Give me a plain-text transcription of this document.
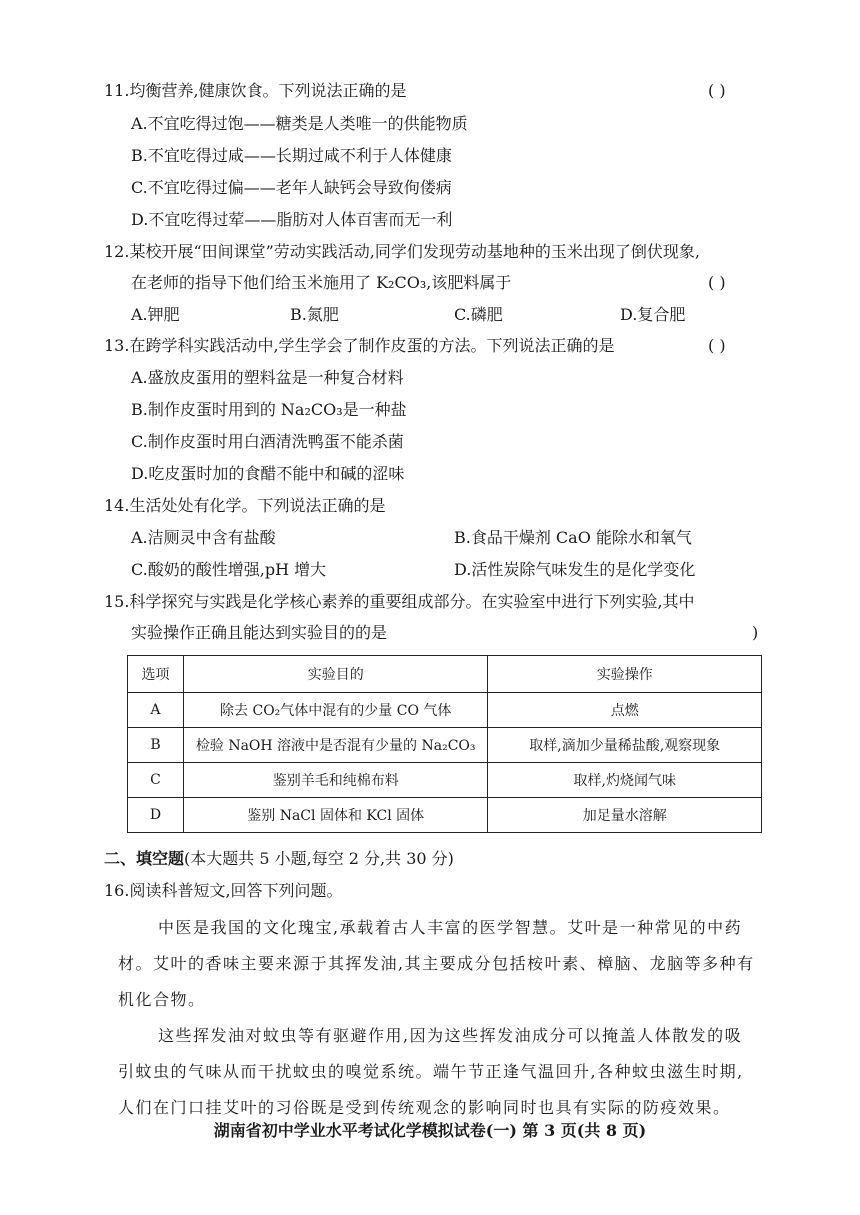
11.均衡营养,健康饮食。下列说法正确的是	( )
A.不宜吃得过饱——糖类是人类唯一的供能物质
B.不宜吃得过咸——长期过咸不利于人体健康
C.不宜吃得过偏——老年人缺钙会导致佝偻病
D.不宜吃得过荤——脂肪对人体百害而无一利
12.某校开展“田间课堂”劳动实践活动,同学们发现劳动基地种的玉米出现了倒伏现象,
在老师的指导下他们给玉米施用了 K₂CO₃,该肥料属于	( )
A.钾肥	B.氮肥	C.磷肥	D.复合肥
13.在跨学科实践活动中,学生学会了制作皮蛋的方法。下列说法正确的是	( )
A.盛放皮蛋用的塑料盆是一种复合材料
B.制作皮蛋时用到的 Na₂CO₃是一种盐
C.制作皮蛋时用白酒清洗鸭蛋不能杀菌
D.吃皮蛋时加的食醋不能中和碱的涩味
14.生活处处有化学。下列说法正确的是
A.洁厕灵中含有盐酸	B.食品干燥剂 CaO 能除水和氧气
C.酸奶的酸性增强,pH 增大	D.活性炭除气味发生的是化学变化
15.科学探究与实践是化学核心素养的重要组成部分。在实验室中进行下列实验,其中
实验操作正确且能达到实验目的的是	)
选项	实验目的	实验操作
A	除去 CO₂气体中混有的少量 CO 气体	点燃
B	检验 NaOH 溶液中是否混有少量的 Na₂CO₃	取样,滴加少量稀盐酸,观察现象
C	鉴别羊毛和纯棉布料	取样,灼烧闻气味
D	鉴别 NaCl 固体和 KCl 固体	加足量水溶解
二、填空题(本大题共 5 小题,每空 2 分,共 30 分)
16.阅读科普短文,回答下列问题。
中医是我国的文化瑰宝,承载着古人丰富的医学智慧。艾叶是一种常见的中药材。艾叶的香味主要来源于其挥发油,其主要成分包括桉叶素、樟脑、龙脑等多种有机化合物。
这些挥发油对蚊虫等有驱避作用,因为这些挥发油成分可以掩盖人体散发的吸引蚊虫的气味从而干扰蚊虫的嗅觉系统。端午节正逢气温回升,各种蚊虫滋生时期,人们在门口挂艾叶的习俗既是受到传统观念的影响同时也具有实际的防疫效果。
湖南省初中学业水平考试化学模拟试卷(一) 第 3 页(共 8 页)
